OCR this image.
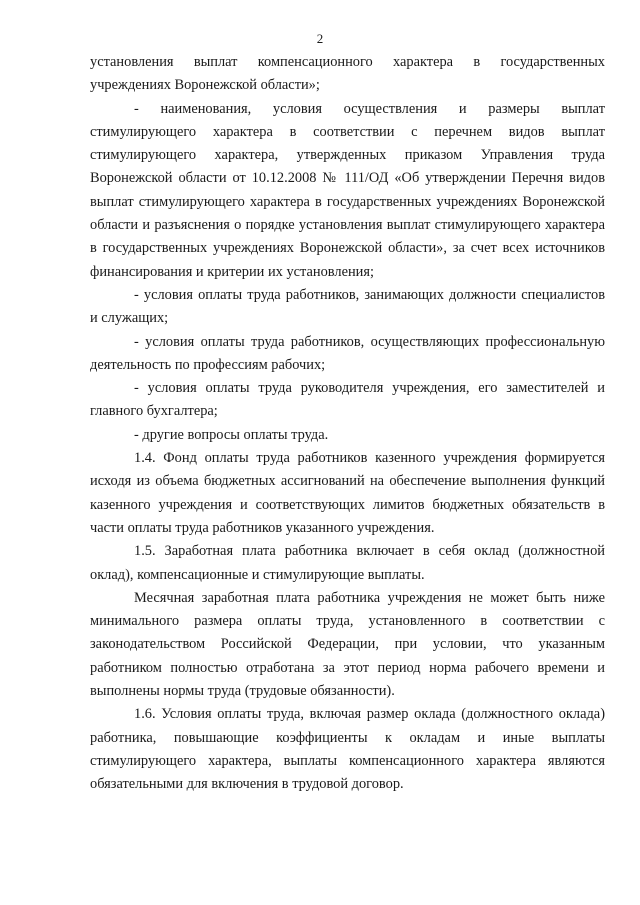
2

установления выплат компенсационного характера в государственных учреждениях Воронежской области»;

- наименования, условия осуществления и размеры выплат стимулирующего характера в соответствии с перечнем видов выплат стимулирующего характера, утвержденных приказом Управления труда Воронежской области от 10.12.2008 № 111/ОД «Об утверждении Перечня видов выплат стимулирующего характера в государственных учреждениях Воронежской области и разъяснения о порядке установления выплат стимулирующего характера в государственных учреждениях Воронежской области», за счет всех источников финансирования и критерии их установления;

- условия оплаты труда работников, занимающих должности специалистов и служащих;

- условия оплаты труда работников, осуществляющих профессиональную деятельность по профессиям рабочих;

- условия оплаты труда руководителя учреждения, его заместителей и главного бухгалтера;

- другие вопросы оплаты труда.

1.4. Фонд оплаты труда работников казенного учреждения формируется исходя из объема бюджетных ассигнований на обеспечение выполнения функций казенного учреждения и соответствующих лимитов бюджетных обязательств в части оплаты труда работников указанного учреждения.

1.5. Заработная плата работника включает в себя оклад (должностной оклад), компенсационные и стимулирующие выплаты.

Месячная заработная плата работника учреждения не может быть ниже минимального размера оплаты труда, установленного в соответствии с законодательством Российской Федерации, при условии, что указанным работником полностью отработана за этот период норма рабочего времени и выполнены нормы труда (трудовые обязанности).

1.6. Условия оплаты труда, включая размер оклада (должностного оклада) работника, повышающие коэффициенты к окладам и иные выплаты стимулирующего характера, выплаты компенсационного характера являются обязательными для включения в трудовой договор.
